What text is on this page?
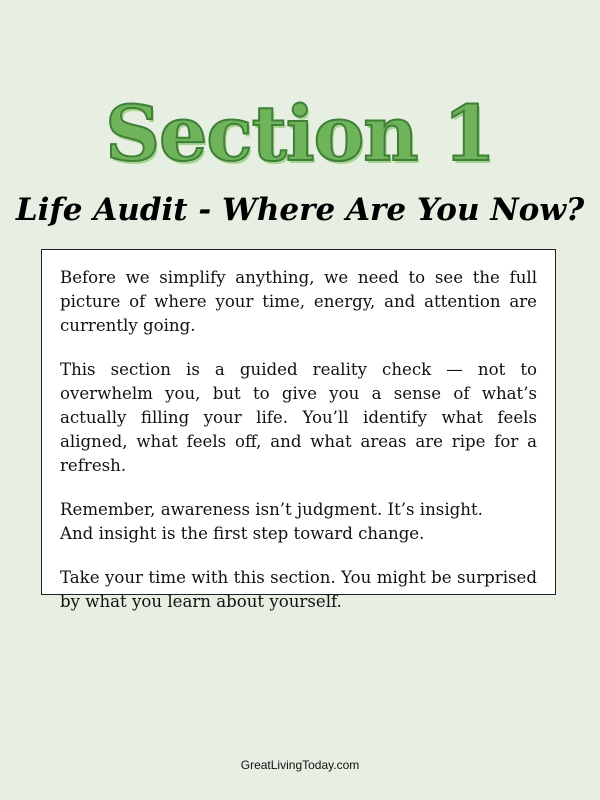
Section 1
Life Audit - Where Are You Now?

Before we simplify anything, we need to see the full picture of where your time, energy, and attention are currently going.

This section is a guided reality check — not to overwhelm you, but to give you a sense of what’s actually filling your life. You’ll identify what feels aligned, what feels off, and what areas are ripe for a refresh.

Remember, awareness isn’t judgment. It’s insight.
And insight is the first step toward change.

Take your time with this section. You might be surprised by what you learn about yourself.

GreatLivingToday.com
